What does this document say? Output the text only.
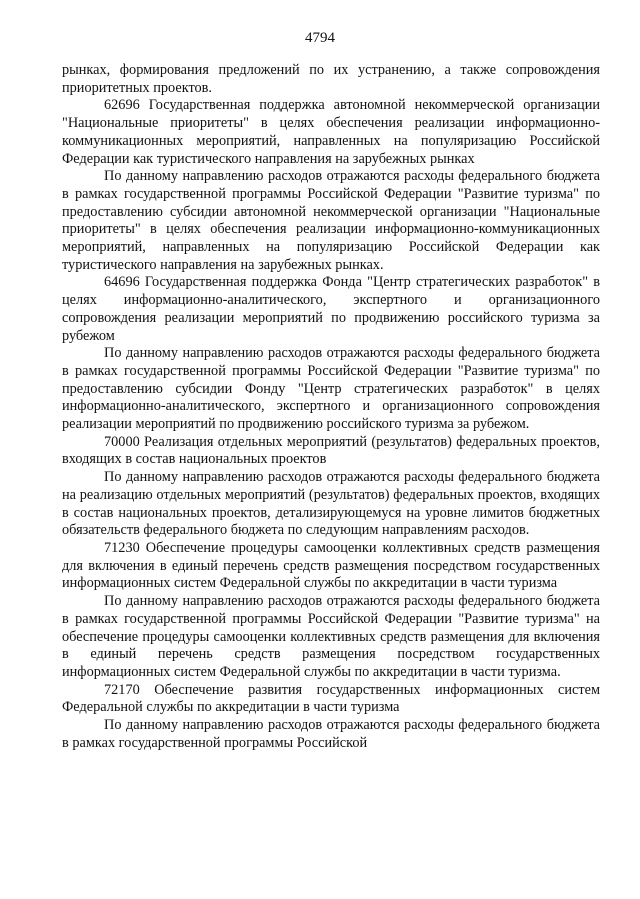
4794

рынках, формирования предложений по их устранению, а также сопровождения приоритетных проектов.

62696 Государственная поддержка автономной некоммерческой организации "Национальные приоритеты" в целях обеспечения реализации информационно-коммуникационных мероприятий, направленных на популяризацию Российской Федерации как туристического направления на зарубежных рынках

По данному направлению расходов отражаются расходы федерального бюджета в рамках государственной программы Российской Федерации "Развитие туризма" по предоставлению субсидии автономной некоммерческой организации "Национальные приоритеты" в целях обеспечения реализации информационно-коммуникационных мероприятий, направленных на популяризацию Российской Федерации как туристического направления на зарубежных рынках.

64696 Государственная поддержка Фонда "Центр стратегических разработок" в целях информационно-аналитического, экспертного и организационного сопровождения реализации мероприятий по продвижению российского туризма за рубежом

По данному направлению расходов отражаются расходы федерального бюджета в рамках государственной программы Российской Федерации "Развитие туризма" по предоставлению субсидии Фонду "Центр стратегических разработок" в целях информационно-аналитического, экспертного и организационного сопровождения реализации мероприятий по продвижению российского туризма за рубежом.

70000 Реализация отдельных мероприятий (результатов) федеральных проектов, входящих в состав национальных проектов

По данному направлению расходов отражаются расходы федерального бюджета на реализацию отдельных мероприятий (результатов) федеральных проектов, входящих в состав национальных проектов, детализирующемуся на уровне лимитов бюджетных обязательств федерального бюджета по следующим направлениям расходов.

71230 Обеспечение процедуры самооценки коллективных средств размещения для включения в единый перечень средств размещения посредством государственных информационных систем Федеральной службы по аккредитации в части туризма

По данному направлению расходов отражаются расходы федерального бюджета в рамках государственной программы Российской Федерации "Развитие туризма" на обеспечение процедуры самооценки коллективных средств размещения для включения в единый перечень средств размещения посредством государственных информационных систем Федеральной службы по аккредитации в части туризма.

72170 Обеспечение развития государственных информационных систем Федеральной службы по аккредитации в части туризма

По данному направлению расходов отражаются расходы федерального бюджета в рамках государственной программы Российской
